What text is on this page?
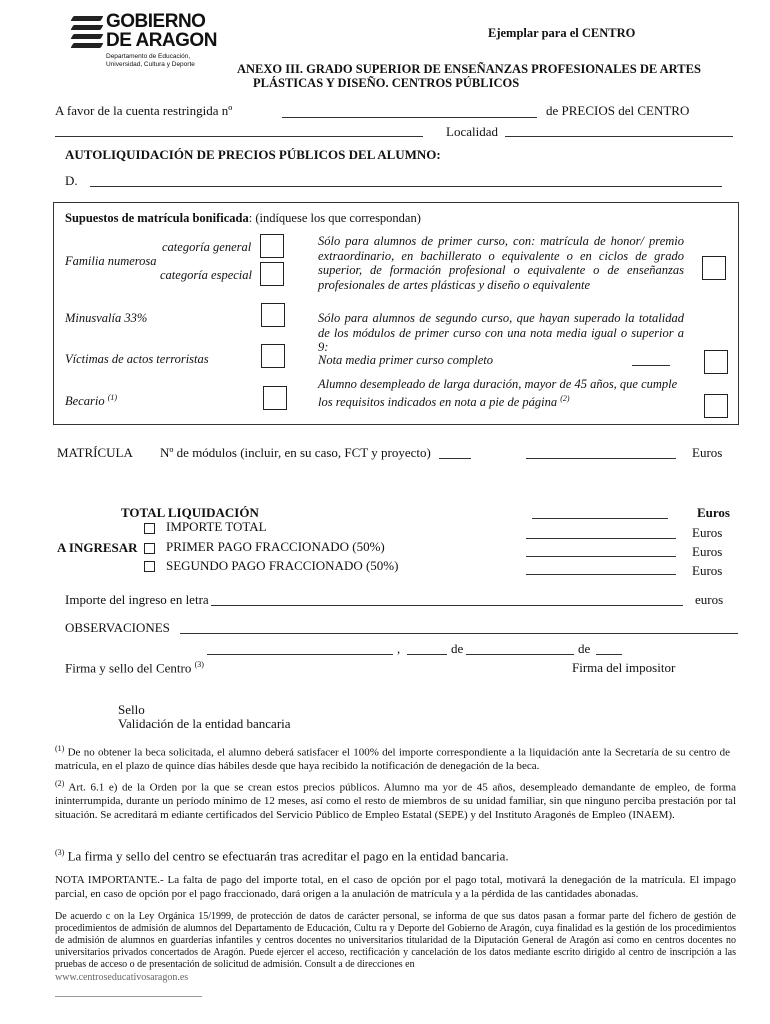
GOBIERNO
DE ARAGON
Departamento de Educación,
Universidad, Cultura y Deporte
Ejemplar para el CENTRO
ANEXO III. GRADO SUPERIOR DE ENSEÑANZAS PROFESIONALES DE ARTES
PLÁSTICAS Y DISEÑO. CENTROS PÚBLICOS
A favor de la cuenta restringida nº	de PRECIOS del CENTRO
Localidad
AUTOLIQUIDACIÓN DE PRECIOS PÚBLICOS DEL ALUMNO:
D.
Supuestos de matrícula bonificada: (indíquese los que correspondan)
categoría general
Familia numerosa
categoría especial
Minusvalía 33%
Víctimas de actos terroristas
Becario $^{(1)}$
Sólo para alumnos de primer curso, con: matrícula de honor/ premio extraordinario, en bachillerato o equivalente o en ciclos de grado superior, de formación profesional o equivalente o de enseñanzas profesionales de artes plásticas y diseño o equivalente
Sólo para alumnos de segundo curso, que hayan superado la totalidad de los módulos de primer curso con una nota media igual o superior a 9:
Nota media primer curso completo
Alumno desempleado de larga duración, mayor de 45 años, que cumple los requisitos indicados en nota a pie de página $^{(2)}$
MATRÍCULA Nº de módulos (incluir, en su caso, FCT y proyecto)	Euros
TOTAL LIQUIDACIÓN	Euros
IMPORTE TOTAL	Euros
A INGRESAR PRIMER PAGO FRACCIONADO (50%)	Euros
SEGUNDO PAGO FRACCIONADO (50%)	Euros
Importe del ingreso en letra	euros
OBSERVACIONES
,	de	de
Firma y sello del Centro $^{(3)}$	Firma del impositor
Sello
Validación de la entidad bancaria
$^{(1)}$ De no obtener la beca solicitada, el alumno deberá satisfacer el 100% del importe correspondiente a la liquidación ante la Secretaría de su centro de matrícula, en el plazo de quince días hábiles desde que haya recibido la notificación de denegación de la beca.
$^{(2)}$ Art. 6.1 e) de la Orden por la que se crean estos precios públicos. Alumno ma yor de 45 años, desempleado demandante de empleo, de forma ininterrumpida, durante un período mínimo de 12 meses, así como el resto de miembros de su unidad familiar, sin que ninguno perciba prestación por tal situación. Se acreditará m ediante certificados del Servicio Público de Empleo Estatal (SEPE) y del Instituto Aragonés de Empleo (INAEM).
$^{(3)}$ La firma y sello del centro se efectuarán tras acreditar el pago en la entidad bancaria.
NOTA IMPORTANTE.- La falta de pago del importe total, en el caso de opción por el pago total, motivará la denegación de la matrícula. El impago parcial, en caso de opción por el pago fraccionado, dará origen a la anulación de matrícula y a la pérdida de las cantidades abonadas.
De acuerdo c on la Ley Orgánica 15/1999, de protección de datos de carácter personal, se informa de que sus datos pasan a formar parte del fichero de gestión de procedimientos de admisión de alumnos del Departamento de Educación, Cultu ra y Deporte del Gobierno de Aragón, cuya finalidad es la gestión de los procedimientos de admisión de alumnos en guarderías infantiles y centros docentes no universitarios titularidad de la Diputación General de Aragón así como en centros docentes no universitarios privados concertados de Aragón. Puede ejercer el acceso, rectificación y cancelación de los datos mediante escrito dirigido al centro de inscripción a las pruebas de acceso o de presentación de solicitud de admisión. Consult a de direcciones en
www.centroseducativosaragon.es
